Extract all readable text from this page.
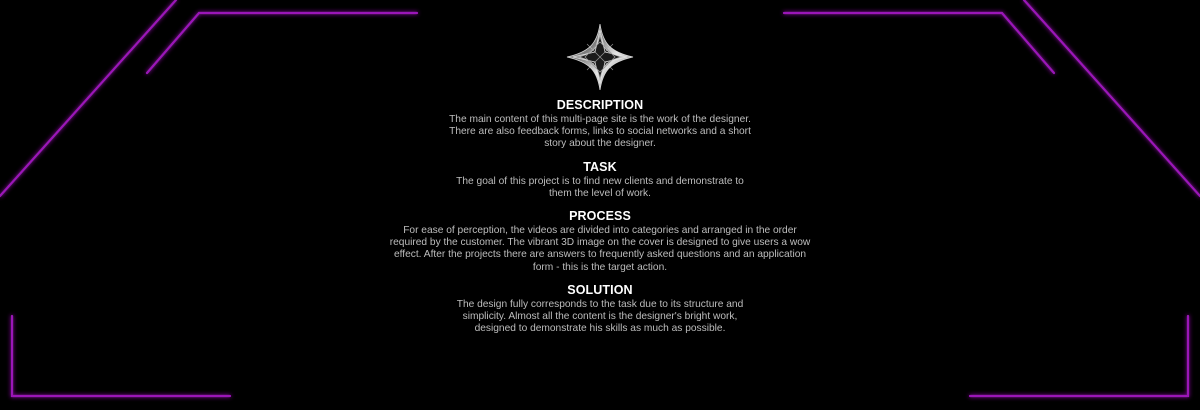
DESCRIPTION
The main content of this multi-page site is the work of the designer.
There are also feedback forms, links to social networks and a short
story about the designer.
TASK
The goal of this project is to find new clients and demonstrate to
them the level of work.
PROCESS
For ease of perception, the videos are divided into categories and arranged in the order
required by the customer. The vibrant 3D image on the cover is designed to give users a wow
effect. After the projects there are answers to frequently asked questions and an application
form - this is the target action.
SOLUTION
The design fully corresponds to the task due to its structure and
simplicity. Almost all the content is the designer's bright work,
designed to demonstrate his skills as much as possible.
